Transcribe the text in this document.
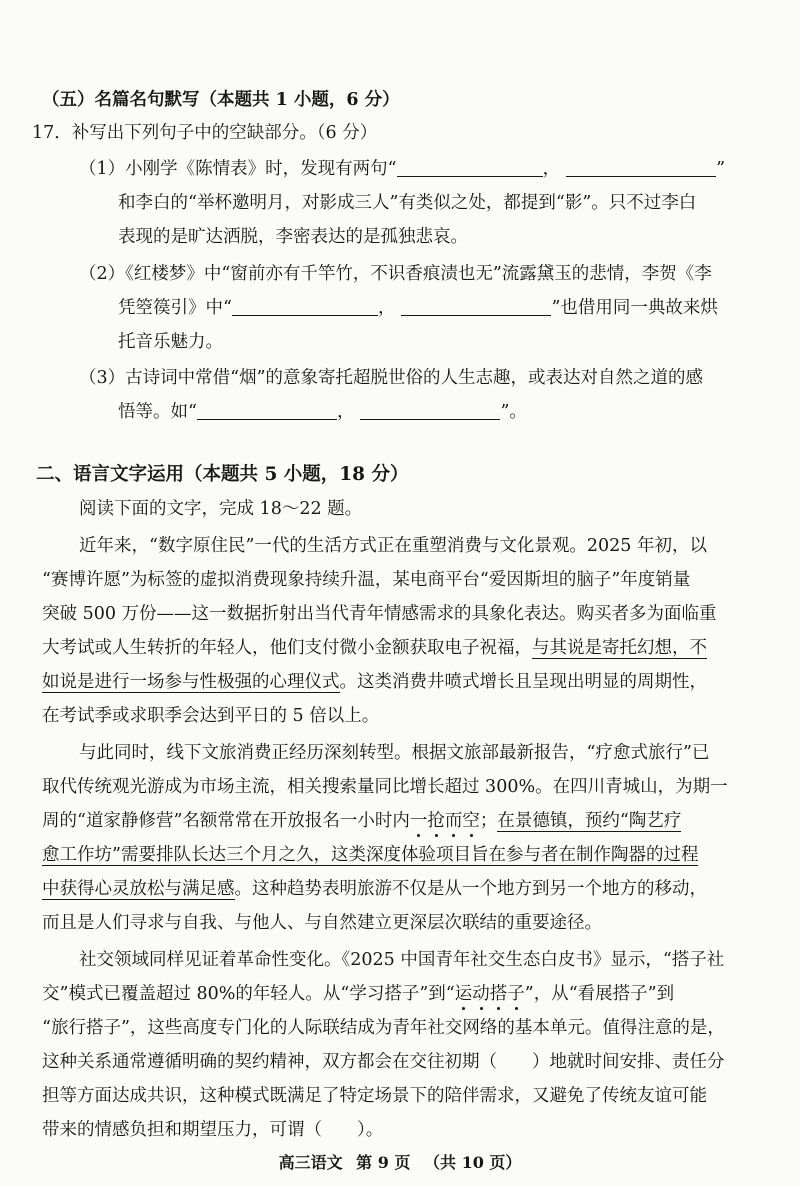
（五）名篇名句默写（本题共 1 小题，6 分）
17．补写出下列句子中的空缺部分。（6 分）
（1）小刚学《陈情表》时，发现有两句“	，	”
和李白的“举杯邀明月，对影成三人”有类似之处，都提到“影”。只不过李白
表现的是旷达洒脱，李密表达的是孤独悲哀。
（2）《红楼梦》中“窗前亦有千竿竹，不识香痕渍也无”流露黛玉的悲情，李贺《李
凭箜篌引》中“	，	”也借用同一典故来烘
托音乐魅力。
（3）古诗词中常借“烟”的意象寄托超脱世俗的人生志趣，或表达对自然之道的感
悟等。如“	，	”。
二、语言文字运用（本题共 5 小题，18 分）
阅读下面的文字，完成 18～22 题。
近年来，“数字原住民”一代的生活方式正在重塑消费与文化景观。2025 年初，以
“赛博许愿”为标签的虚拟消费现象持续升温，某电商平台“爱因斯坦的脑子”年度销量
突破 500 万份——这一数据折射出当代青年情感需求的具象化表达。购买者多为面临重
大考试或人生转折的年轻人，他们支付微小金额获取电子祝福，与其说是寄托幻想，不
如说是进行一场参与性极强的心理仪式。这类消费井喷式增长且呈现出明显的周期性，
在考试季或求职季会达到平日的 5 倍以上。
与此同时，线下文旅消费正经历深刻转型。根据文旅部最新报告，“疗愈式旅行”已
取代传统观光游成为市场主流，相关搜索量同比增长超过 300%。在四川青城山，为期一
周的“道家静修营”名额常常在开放报名一小时内一抢而空；在景德镇，预约“陶艺疗
愈工作坊”需要排队长达三个月之久，这类深度体验项目旨在参与者在制作陶器的过程
中获得心灵放松与满足感。这种趋势表明旅游不仅是从一个地方到另一个地方的移动，
而且是人们寻求与自我、与他人、与自然建立更深层次联结的重要途径。
社交领域同样见证着革命性变化。《2025 中国青年社交生态白皮书》显示，“搭子社
交”模式已覆盖超过 80%的年轻人。从“学习搭子”到“运动搭子”，从“看展搭子”到
“旅行搭子”，这些高度专门化的人际联结成为青年社交网络的基本单元。值得注意的是，
这种关系通常遵循明确的契约精神，双方都会在交往初期（　　）地就时间安排、责任分
担等方面达成共识，这种模式既满足了特定场景下的陪伴需求，又避免了传统友谊可能
带来的情感负担和期望压力，可谓（　　）。
高三语文 第 9 页 （共 10 页）
